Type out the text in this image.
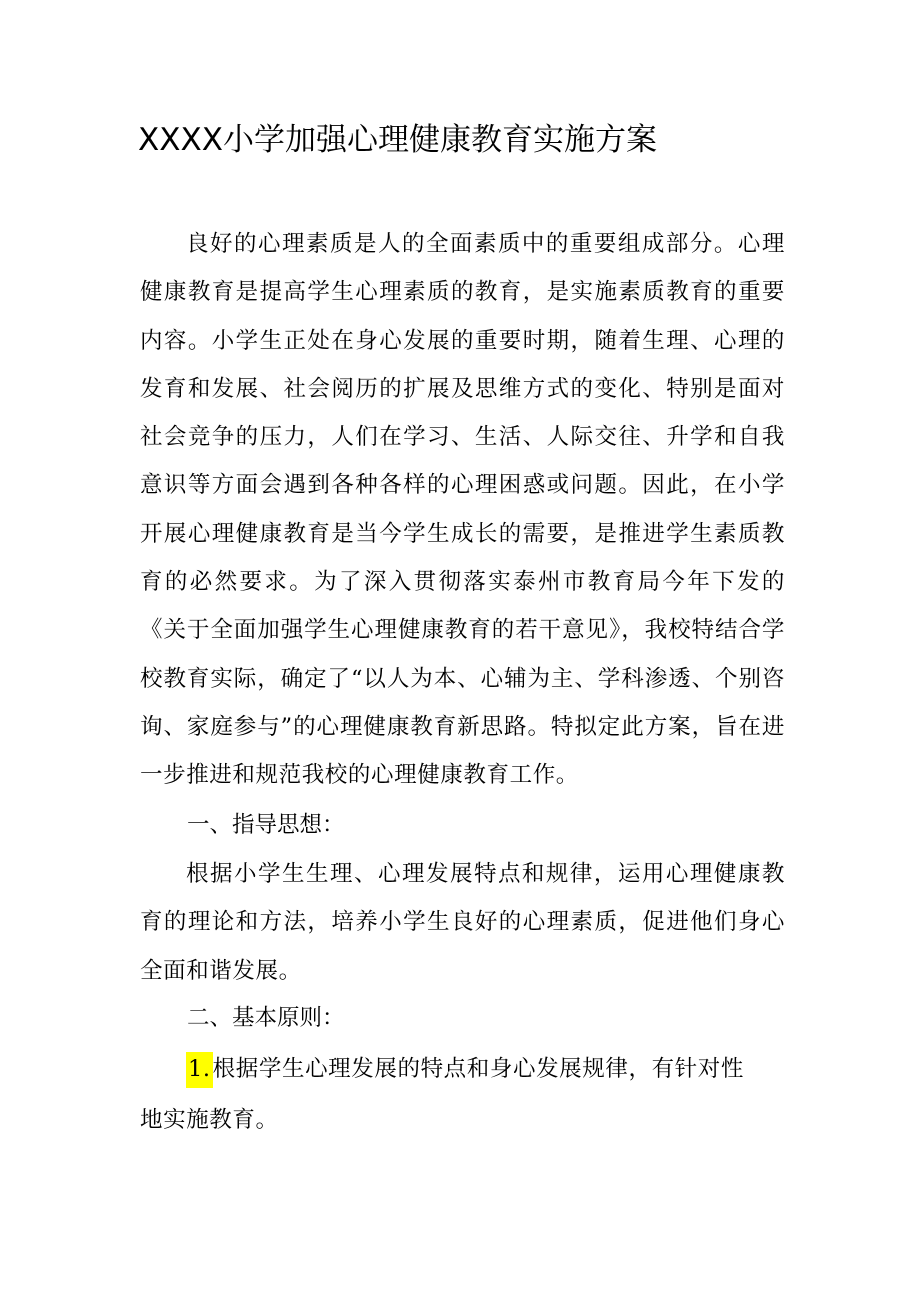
XXXX小学加强心理健康教育实施方案

良好的心理素质是人的全面素质中的重要组成部分。心理健康教育是提高学生心理素质的教育，是实施素质教育的重要内容。小学生正处在身心发展的重要时期，随着生理、心理的发育和发展、社会阅历的扩展及思维方式的变化、特别是面对社会竞争的压力，人们在学习、生活、人际交往、升学和自我意识等方面会遇到各种各样的心理困惑或问题。因此，在小学开展心理健康教育是当今学生成长的需要，是推进学生素质教育的必然要求。为了深入贯彻落实泰州市教育局今年下发的《关于全面加强学生心理健康教育的若干意见》，我校特结合学校教育实际，确定了“以人为本、心辅为主、学科渗透、个别咨询、家庭参与”的心理健康教育新思路。特拟定此方案，旨在进一步推进和规范我校的心理健康教育工作。

一、指导思想：

根据小学生生理、心理发展特点和规律，运用心理健康教育的理论和方法，培养小学生良好的心理素质，促进他们身心全面和谐发展。

二、基本原则：

1.根据学生心理发展的特点和身心发展规律，有针对性
地实施教育。
